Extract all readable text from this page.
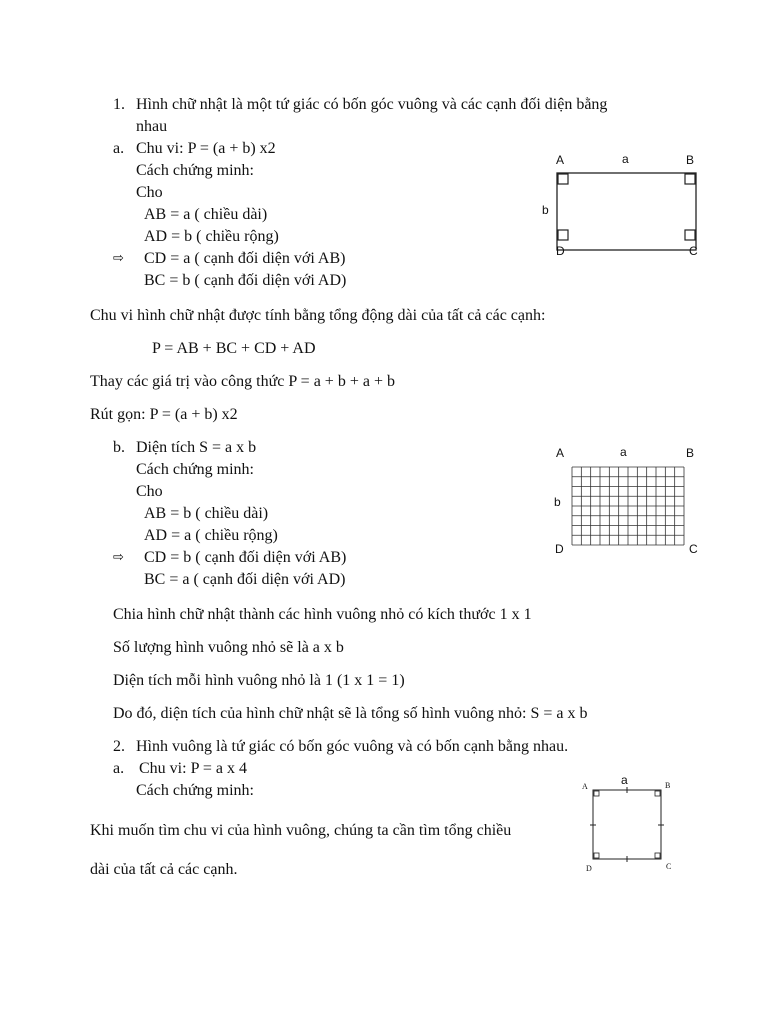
1. Hình chữ nhật là một tứ giác có bốn góc vuông và các cạnh đối diện bằng
nhau
a. Chu vi: P = (a + b) x2
Cách chứng minh:
Cho
AB = a ( chiều dài)
AD = b ( chiều rộng)
⇨ CD = a ( cạnh đối diện với AB)
BC = b ( cạnh đối diện với AD)
Chu vi hình chữ nhật được tính bằng tổng động dài của tất cả các cạnh:
P = AB + BC + CD + AD
Thay các giá trị vào công thức P = a + b + a + b
Rút gọn: P = (a + b) x2
b. Diện tích S = a x b
Cách chứng minh:
Cho
AB = b ( chiều dài)
AD = a ( chiều rộng)
⇨ CD = b ( cạnh đối diện với AB)
BC = a ( cạnh đối diện với AD)
Chia hình chữ nhật thành các hình vuông nhỏ có kích thước 1 x 1
Số lượng hình vuông nhỏ sẽ là a x b
Diện tích mỗi hình vuông nhỏ là 1 (1 x 1 = 1)
Do đó, diện tích của hình chữ nhật sẽ là tổng số hình vuông nhỏ: S = a x b
2. Hình vuông là tứ giác có bốn góc vuông và có bốn cạnh bằng nhau.
a. Chu vi: P = a x 4
Cách chứng minh:
Khi muốn tìm chu vi của hình vuông, chúng ta cần tìm tổng chiều
dài của tất cả các cạnh.
A	a	B
b
D	C
A	a	B
b
D	C
A	a	B
D	C
